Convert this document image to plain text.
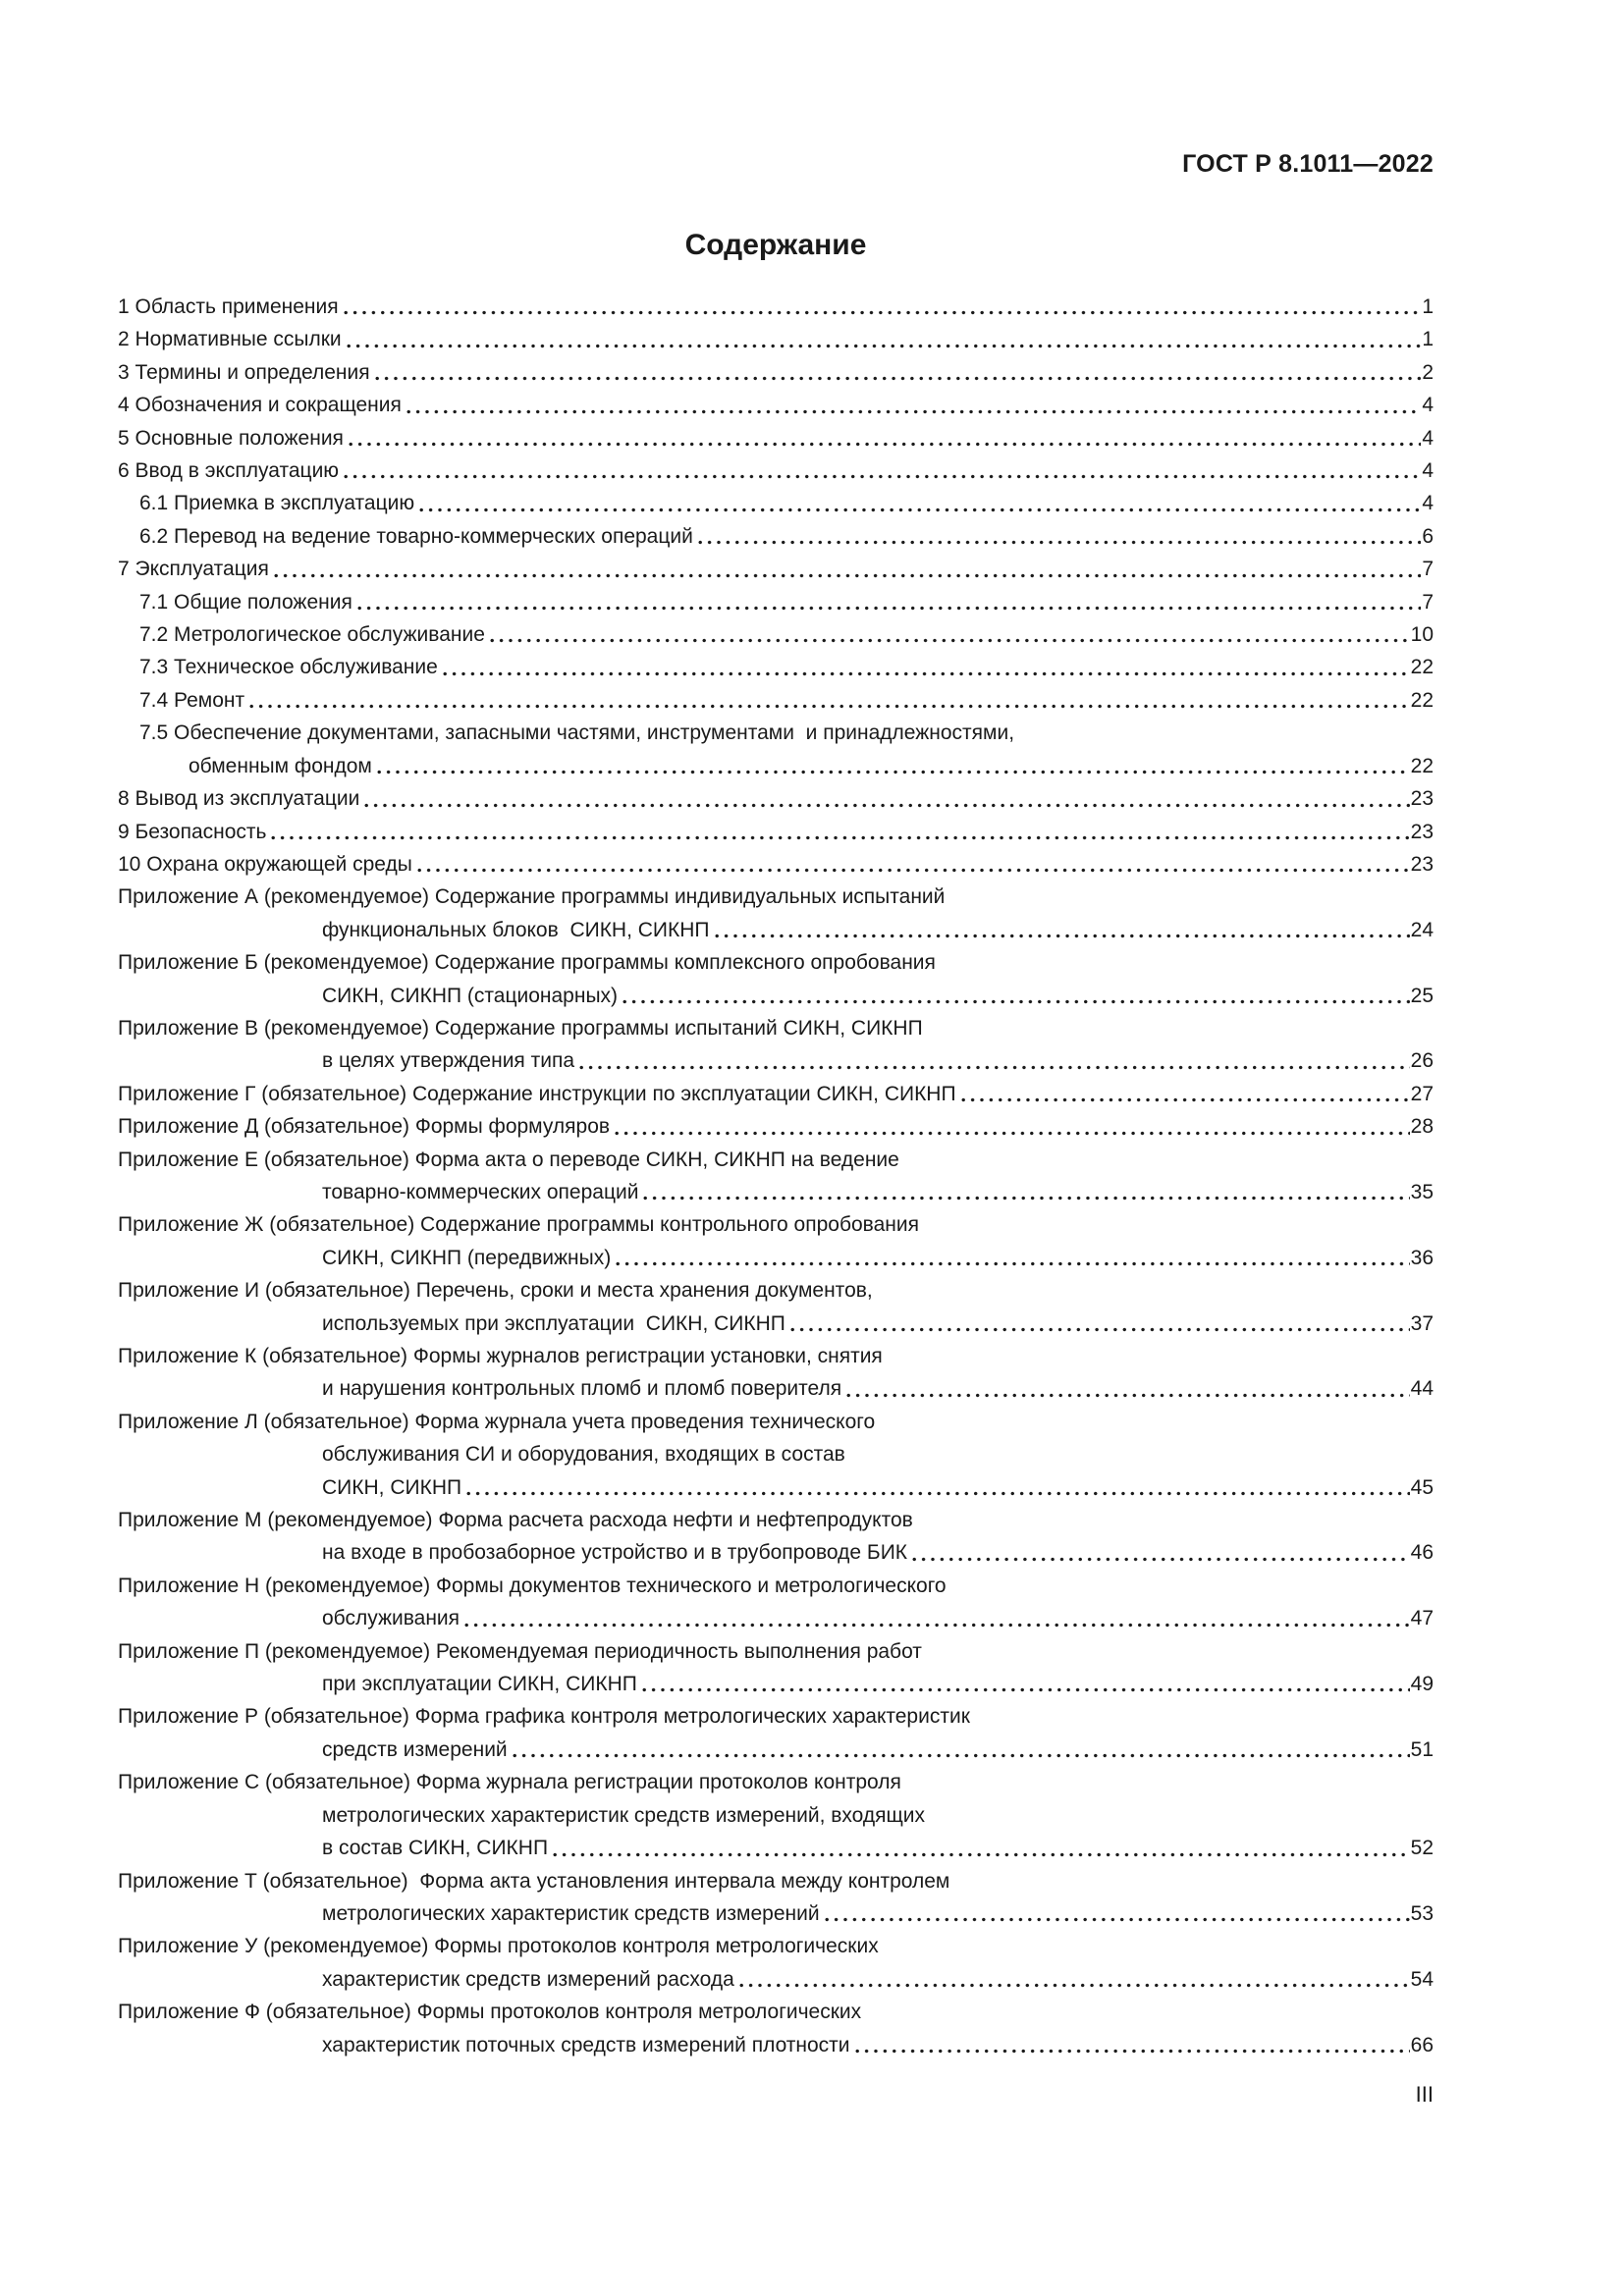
ГОСТ Р 8.1011—2022
Содержание
1 Область применения	1
2 Нормативные ссылки	1
3 Термины и определения	2
4 Обозначения и сокращения	4
5 Основные положения	4
6 Ввод в эксплуатацию	4
6.1 Приемка в эксплуатацию	4
6.2 Перевод на ведение товарно-коммерческих операций	6
7 Эксплуатация	7
7.1 Общие положения	7
7.2 Метрологическое обслуживание	10
7.3 Техническое обслуживание	22
7.4 Ремонт	22
7.5 Обеспечение документами, запасными частями, инструментами  и принадлежностями,
обменным фондом	22
8 Вывод из эксплуатации	23
9 Безопасность	23
10 Охрана окружающей среды	23
Приложение А (рекомендуемое) Содержание программы индивидуальных испытаний
функциональных блоков  СИКН, СИКНП	24
Приложение Б (рекомендуемое) Содержание программы комплексного опробования
СИКН, СИКНП (стационарных)	25
Приложение В (рекомендуемое) Содержание программы испытаний СИКН, СИКНП
в целях утверждения типа	26
Приложение Г (обязательное) Содержание инструкции по эксплуатации СИКН, СИКНП	27
Приложение Д (обязательное) Формы формуляров	28
Приложение Е (обязательное) Форма акта о переводе СИКН, СИКНП на ведение
товарно-коммерческих операций	35
Приложение Ж (обязательное) Содержание программы контрольного опробования
СИКН, СИКНП (передвижных)	36
Приложение И (обязательное) Перечень, сроки и места хранения документов,
используемых при эксплуатации  СИКН, СИКНП	37
Приложение К (обязательное) Формы журналов регистрации установки, снятия
и нарушения контрольных пломб и пломб поверителя	44
Приложение Л (обязательное) Форма журнала учета проведения технического
обслуживания СИ и оборудования, входящих в состав
СИКН, СИКНП	45
Приложение М (рекомендуемое) Форма расчета расхода нефти и нефтепродуктов
на входе в пробозаборное устройство и в трубопроводе БИК	46
Приложение Н (рекомендуемое) Формы документов технического и метрологического
обслуживания	47
Приложение П (рекомендуемое) Рекомендуемая периодичность выполнения работ
при эксплуатации СИКН, СИКНП	49
Приложение Р (обязательное) Форма графика контроля метрологических характеристик
средств измерений	51
Приложение С (обязательное) Форма журнала регистрации протоколов контроля
метрологических характеристик средств измерений, входящих
в состав СИКН, СИКНП	52
Приложение Т (обязательное)  Форма акта установления интервала между контролем
метрологических характеристик средств измерений	53
Приложение У (рекомендуемое) Формы протоколов контроля метрологических
характеристик средств измерений расхода	54
Приложение Ф (обязательное) Формы протоколов контроля метрологических
характеристик поточных средств измерений плотности	66
III
